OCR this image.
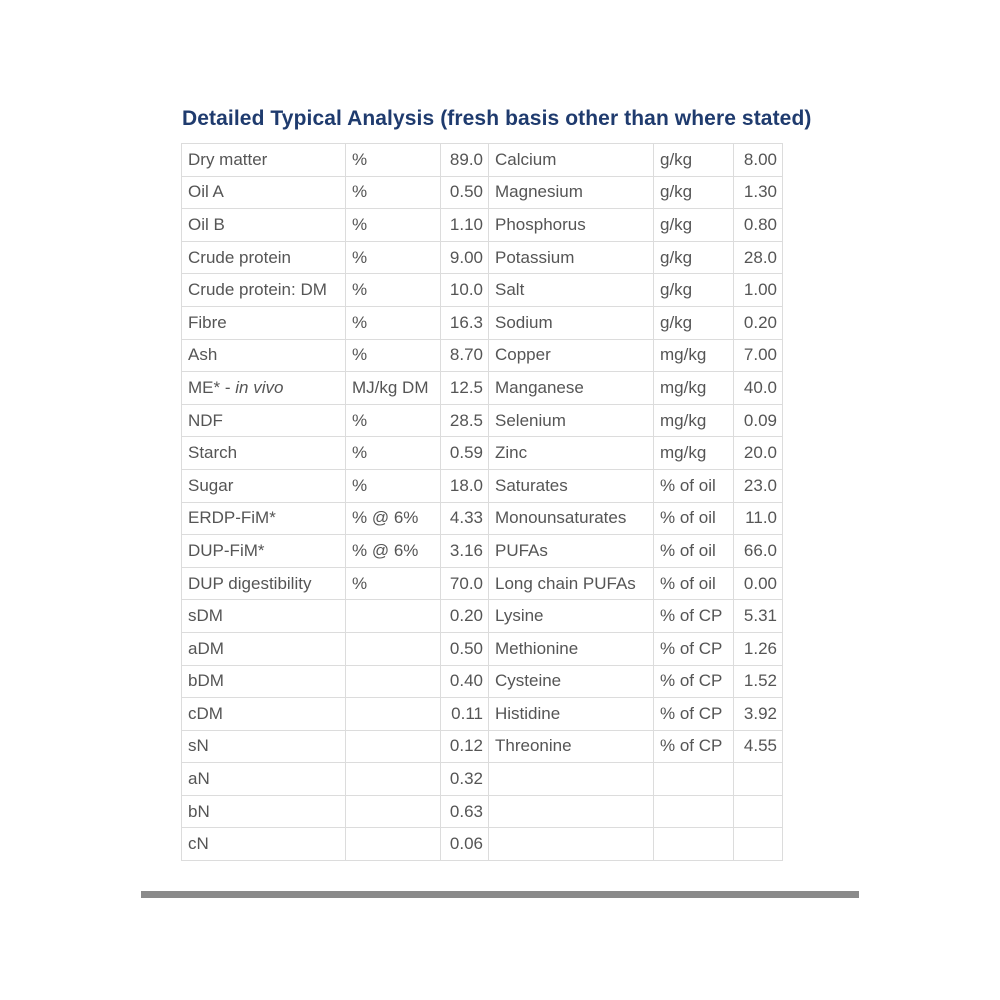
Detailed Typical Analysis (fresh basis other than where stated)
Dry matter	%	89.0	Calcium	g/kg	8.00
Oil A	%	0.50	Magnesium	g/kg	1.30
Oil B	%	1.10	Phosphorus	g/kg	0.80
Crude protein	%	9.00	Potassium	g/kg	28.0
Crude protein: DM	%	10.0	Salt	g/kg	1.00
Fibre	%	16.3	Sodium	g/kg	0.20
Ash	%	8.70	Copper	mg/kg	7.00
ME* - in vivo	MJ/kg DM	12.5	Manganese	mg/kg	40.0
NDF	%	28.5	Selenium	mg/kg	0.09
Starch	%	0.59	Zinc	mg/kg	20.0
Sugar	%	18.0	Saturates	% of oil	23.0
ERDP-FiM*	% @ 6%	4.33	Monounsaturates	% of oil	11.0
DUP-FiM*	% @ 6%	3.16	PUFAs	% of oil	66.0
DUP digestibility	%	70.0	Long chain PUFAs	% of oil	0.00
sDM		0.20	Lysine	% of CP	5.31
aDM		0.50	Methionine	% of CP	1.26
bDM		0.40	Cysteine	% of CP	1.52
cDM		0.11	Histidine	% of CP	3.92
sN		0.12	Threonine	% of CP	4.55
aN		0.32			
bN		0.63			
cN		0.06			
